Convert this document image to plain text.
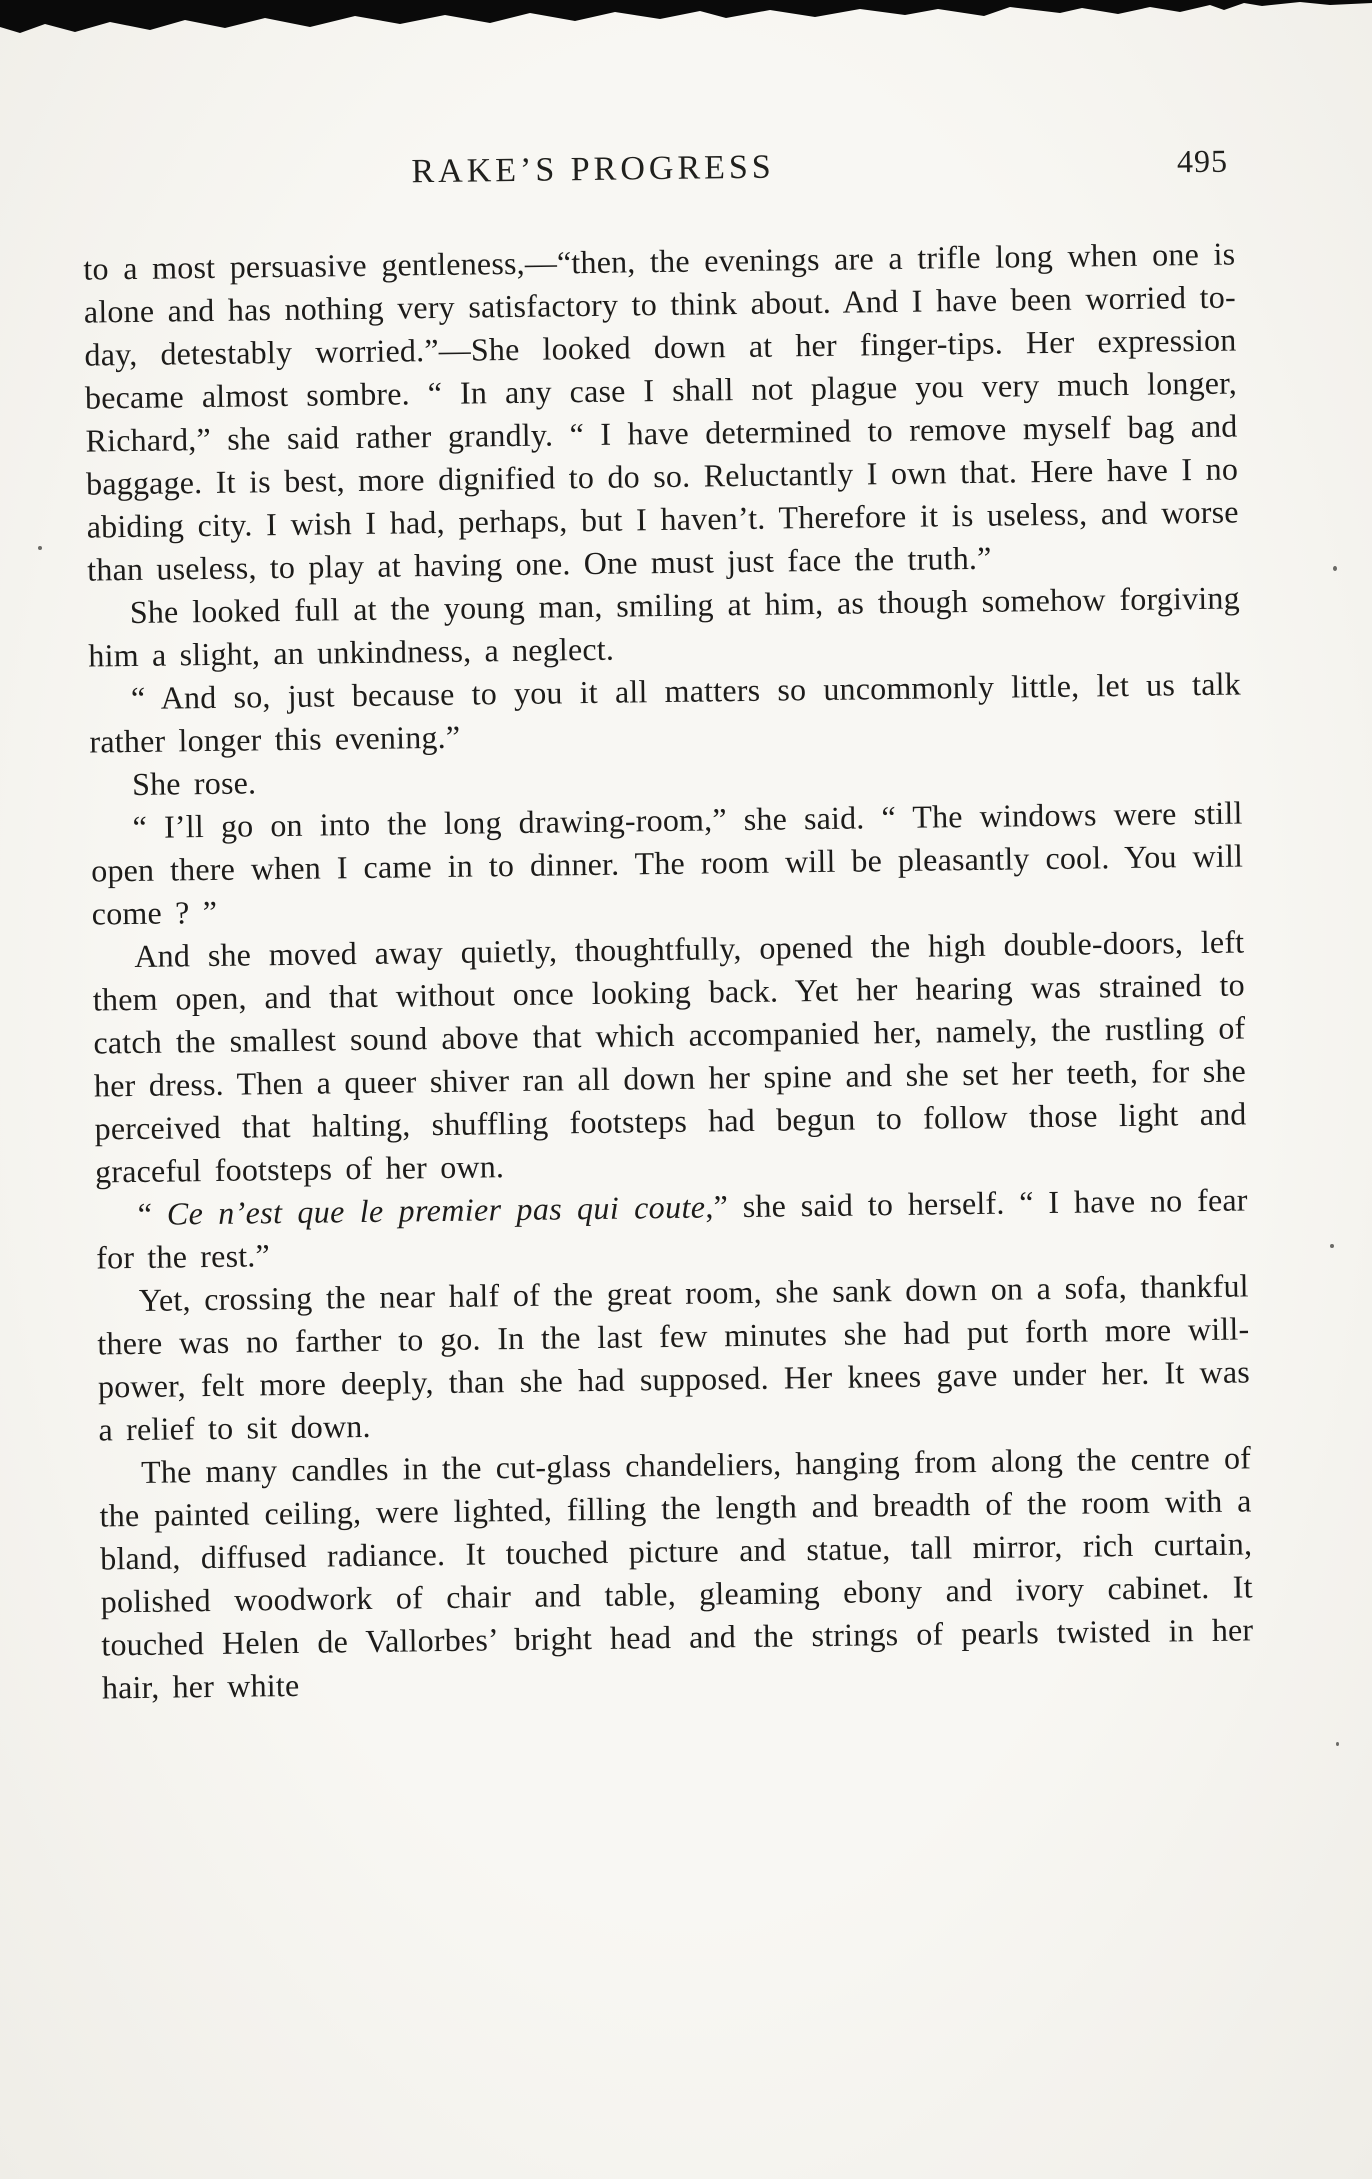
RAKE’S PROGRESS	495

to a most persuasive gentleness,—“then, the evenings are a trifle long when one is alone and has nothing very satisfactory to think about. And I have been worried to-day, detestably worried.”—She looked down at her finger-tips. Her expression became almost sombre. “ In any case I shall not plague you very much longer, Richard,” she said rather grandly. “ I have determined to remove myself bag and baggage. It is best, more dignified to do so. Reluctantly I own that. Here have I no abiding city. I wish I had, perhaps, but I haven’t. Therefore it is useless, and worse than useless, to play at having one. One must just face the truth.”

She looked full at the young man, smiling at him, as though somehow forgiving him a slight, an unkindness, a neglect.

“ And so, just because to you it all matters so uncommonly little, let us talk rather longer this evening.”

She rose.

“ I’ll go on into the long drawing-room,” she said. “ The windows were still open there when I came in to dinner. The room will be pleasantly cool. You will come ? ”

And she moved away quietly, thoughtfully, opened the high double-doors, left them open, and that without once looking back. Yet her hearing was strained to catch the smallest sound above that which accompanied her, namely, the rustling of her dress. Then a queer shiver ran all down her spine and she set her teeth, for she perceived that halting, shuffling footsteps had begun to follow those light and graceful footsteps of her own.

“ Ce n’est que le premier pas qui coute,” she said to herself. “ I have no fear for the rest.”

Yet, crossing the near half of the great room, she sank down on a sofa, thankful there was no farther to go. In the last few minutes she had put forth more will-power, felt more deeply, than she had supposed. Her knees gave under her. It was a relief to sit down.

The many candles in the cut-glass chandeliers, hanging from along the centre of the painted ceiling, were lighted, filling the length and breadth of the room with a bland, diffused radiance. It touched picture and statue, tall mirror, rich curtain, polished woodwork of chair and table, gleaming ebony and ivory cabinet. It touched Helen de Vallorbes’ bright head and the strings of pearls twisted in her hair, her white
